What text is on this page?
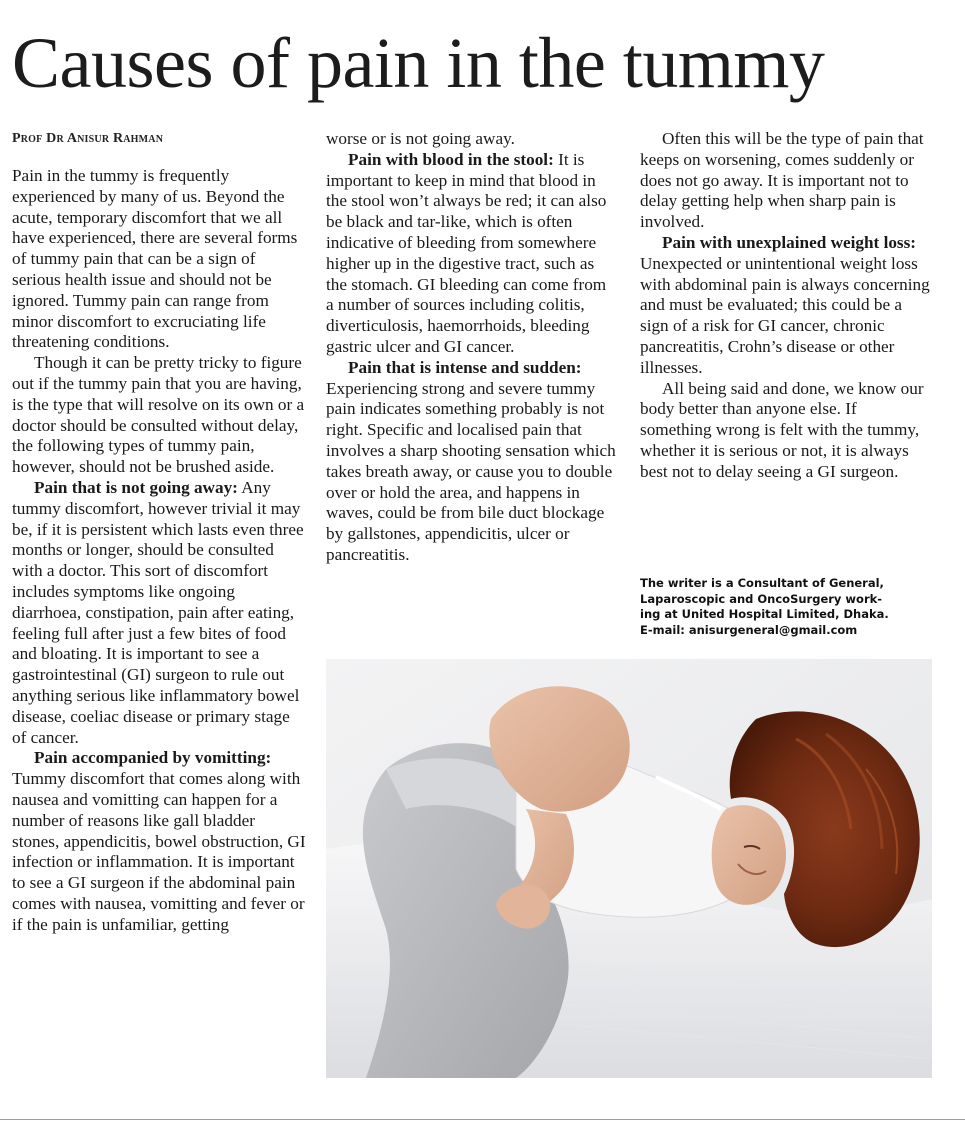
Causes of pain in the tummy
Prof Dr Anisur Rahman

Pain in the tummy is frequently experienced by many of us. Beyond the acute, temporary discomfort that we all have experienced, there are several forms of tummy pain that can be a sign of serious health issue and should not be ignored. Tummy pain can range from minor discomfort to excruciating life threatening conditions.

Though it can be pretty tricky to figure out if the tummy pain that you are having, is the type that will resolve on its own or a doctor should be consulted without delay, the following types of tummy pain, however, should not be brushed aside.

Pain that is not going away: Any tummy discomfort, however trivial it may be, if it is persistent which lasts even three months or longer, should be consulted with a doctor. This sort of discomfort includes symptoms like ongoing diarrhoea, constipation, pain after eating, feeling full after just a few bites of food and bloating. It is important to see a gastrointestinal (GI) surgeon to rule out anything serious like inflammatory bowel disease, coeliac disease or primary stage of cancer.

Pain accompanied by vomitting: Tummy discomfort that comes along with nausea and vomitting can happen for a number of reasons like gall bladder stones, appendicitis, bowel obstruction, GI infection or inflammation. It is important to see a GI surgeon if the abdominal pain comes with nausea, vomitting and fever or if the pain is unfamiliar, getting

worse or is not going away.

Pain with blood in the stool: It is important to keep in mind that blood in the stool won’t always be red; it can also be black and tar-like, which is often indicative of bleeding from somewhere higher up in the digestive tract, such as the stomach. GI bleeding can come from a number of sources including colitis, diverticulosis, haemorrhoids, bleeding gastric ulcer and GI cancer.

Pain that is intense and sudden: Experiencing strong and severe tummy pain indicates something probably is not right. Specific and localised pain that involves a sharp shooting sensation which takes breath away, or cause you to double over or hold the area, and happens in waves, could be from bile duct blockage by gallstones, appendicitis, ulcer or pancreatitis.

Often this will be the type of pain that keeps on worsening, comes suddenly or does not go away. It is important not to delay getting help when sharp pain is involved.

Pain with unexplained weight loss: Unexpected or unintentional weight loss with abdominal pain is always concerning and must be evaluated; this could be a sign of a risk for GI cancer, chronic pancreatitis, Crohn’s disease or other illnesses.

All being said and done, we know our body better than anyone else. If something wrong is felt with the tummy, whether it is serious or not, it is always best not to delay seeing a GI surgeon.

The writer is a Consultant of General,
Laparoscopic and OncoSurgery work-
ing at United Hospital Limited, Dhaka.
E-mail: anisurgeneral@gmail.com
